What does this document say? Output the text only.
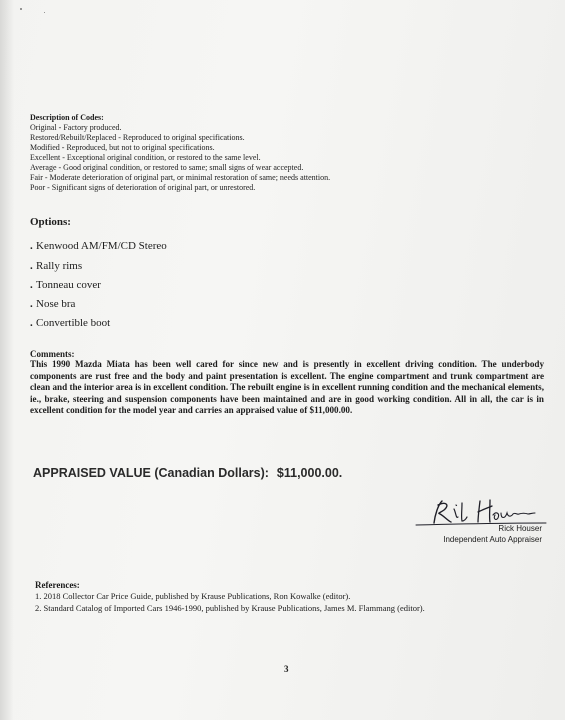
Description of Codes:
Original - Factory produced.
Restored/Rebuilt/Replaced - Reproduced to original specifications.
Modified - Reproduced, but not to original specifications.
Excellent - Exceptional original condition, or restored to the same level.
Average - Good original condition, or restored to same; small signs of wear accepted.
Fair - Moderate deterioration of original part, or minimal restoration of same; needs attention.
Poor - Significant signs of deterioration of original part, or unrestored.
Options:
. Kenwood AM/FM/CD Stereo
. Rally rims
. Tonneau cover
. Nose bra
. Convertible boot
Comments:
This 1990 Mazda Miata has been well cared for since new and is presently in excellent driving condition. The underbody components are rust free and the body and paint presentation is excellent. The engine compartment and trunk compartment are clean and the interior area is in excellent condition. The rebuilt engine is in excellent running condition and the mechanical elements, ie., brake, steering and suspension components have been maintained and are in good working condition. All in all, the car is in excellent condition for the model year and carries an appraised value of $11,000.00.
APPRAISED VALUE (Canadian Dollars): $11,000.00.
Rick Houser
Independent Auto Appraiser
References:
1. 2018 Collector Car Price Guide, published by Krause Publications, Ron Kowalke (editor).
2. Standard Catalog of Imported Cars 1946-1990, published by Krause Publications, James M. Flammang (editor).
3
